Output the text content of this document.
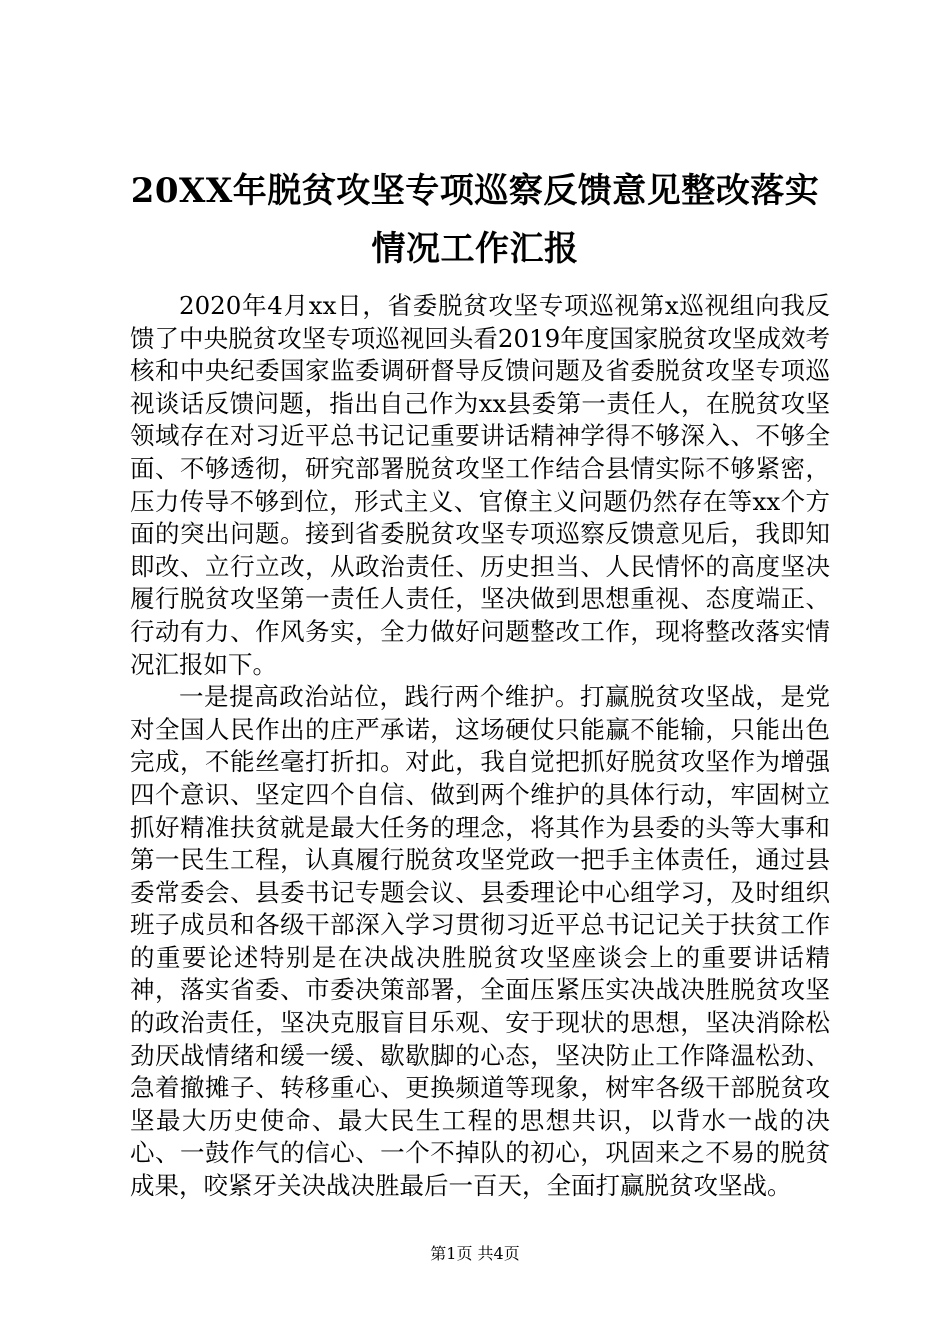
20XX年脱贫攻坚专项巡察反馈意见整改落实
情况工作汇报

2020年4月xx日，省委脱贫攻坚专项巡视第x巡视组向我反馈了中央脱贫攻坚专项巡视回头看2019年度国家脱贫攻坚成效考核和中央纪委国家监委调研督导反馈问题及省委脱贫攻坚专项巡视谈话反馈问题，指出自己作为xx县委第一责任人，在脱贫攻坚领域存在对习近平总书记记重要讲话精神学得不够深入、不够全面、不够透彻，研究部署脱贫攻坚工作结合县情实际不够紧密，压力传导不够到位，形式主义、官僚主义问题仍然存在等xx个方面的突出问题。接到省委脱贫攻坚专项巡察反馈意见后，我即知即改、立行立改，从政治责任、历史担当、人民情怀的高度坚决履行脱贫攻坚第一责任人责任，坚决做到思想重视、态度端正、行动有力、作风务实，全力做好问题整改工作，现将整改落实情况汇报如下。

一是提高政治站位，践行两个维护。打赢脱贫攻坚战，是党对全国人民作出的庄严承诺，这场硬仗只能赢不能输，只能出色完成，不能丝毫打折扣。对此，我自觉把抓好脱贫攻坚作为增强四个意识、坚定四个自信、做到两个维护的具体行动，牢固树立抓好精准扶贫就是最大任务的理念，将其作为县委的头等大事和第一民生工程，认真履行脱贫攻坚党政一把手主体责任，通过县委常委会、县委书记专题会议、县委理论中心组学习，及时组织班子成员和各级干部深入学习贯彻习近平总书记记关于扶贫工作的重要论述特别是在决战决胜脱贫攻坚座谈会上的重要讲话精神，落实省委、市委决策部署，全面压紧压实决战决胜脱贫攻坚的政治责任，坚决克服盲目乐观、安于现状的思想，坚决消除松劲厌战情绪和缓一缓、歇歇脚的心态，坚决防止工作降温松劲、急着撤摊子、转移重心、更换频道等现象，树牢各级干部脱贫攻坚最大历史使命、最大民生工程的思想共识，以背水一战的决心、一鼓作气的信心、一个不掉队的初心，巩固来之不易的脱贫成果，咬紧牙关决战决胜最后一百天，全面打赢脱贫攻坚战。

第1页 共4页
